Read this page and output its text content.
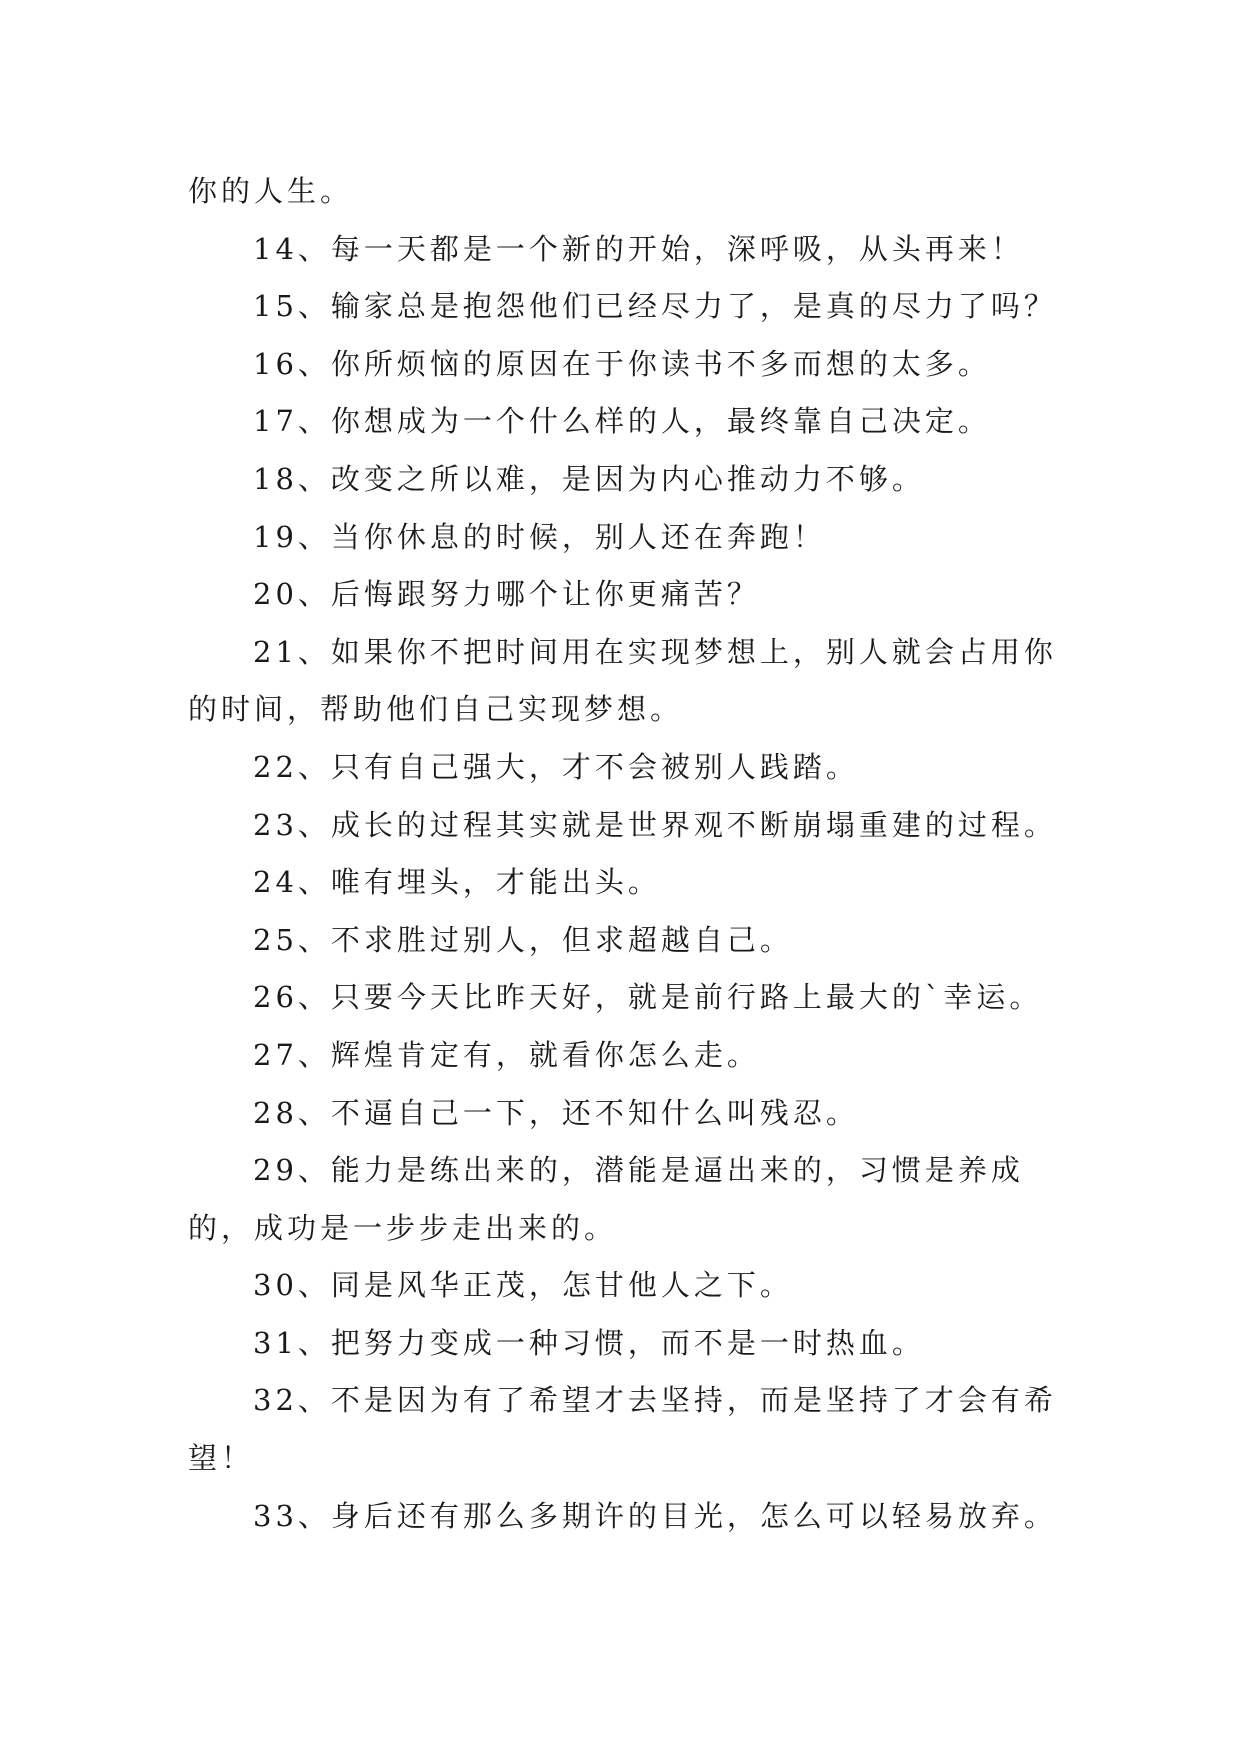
你的人生。

14、每一天都是一个新的开始，深呼吸，从头再来！

15、输家总是抱怨他们已经尽力了，是真的尽力了吗？

16、你所烦恼的原因在于你读书不多而想的太多。

17、你想成为一个什么样的人，最终靠自己决定。

18、改变之所以难，是因为内心推动力不够。

19、当你休息的时候，别人还在奔跑！

20、后悔跟努力哪个让你更痛苦？

21、如果你不把时间用在实现梦想上，别人就会占用你的时间，帮助他们自己实现梦想。

22、只有自己强大，才不会被别人践踏。

23、成长的过程其实就是世界观不断崩塌重建的过程。

24、唯有埋头，才能出头。

25、不求胜过别人，但求超越自己。

26、只要今天比昨天好，就是前行路上最大的`幸运。

27、辉煌肯定有，就看你怎么走。

28、不逼自己一下，还不知什么叫残忍。

29、能力是练出来的，潜能是逼出来的，习惯是养成的，成功是一步步走出来的。

30、同是风华正茂，怎甘他人之下。

31、把努力变成一种习惯，而不是一时热血。

32、不是因为有了希望才去坚持，而是坚持了才会有希望！

33、身后还有那么多期许的目光，怎么可以轻易放弃。
